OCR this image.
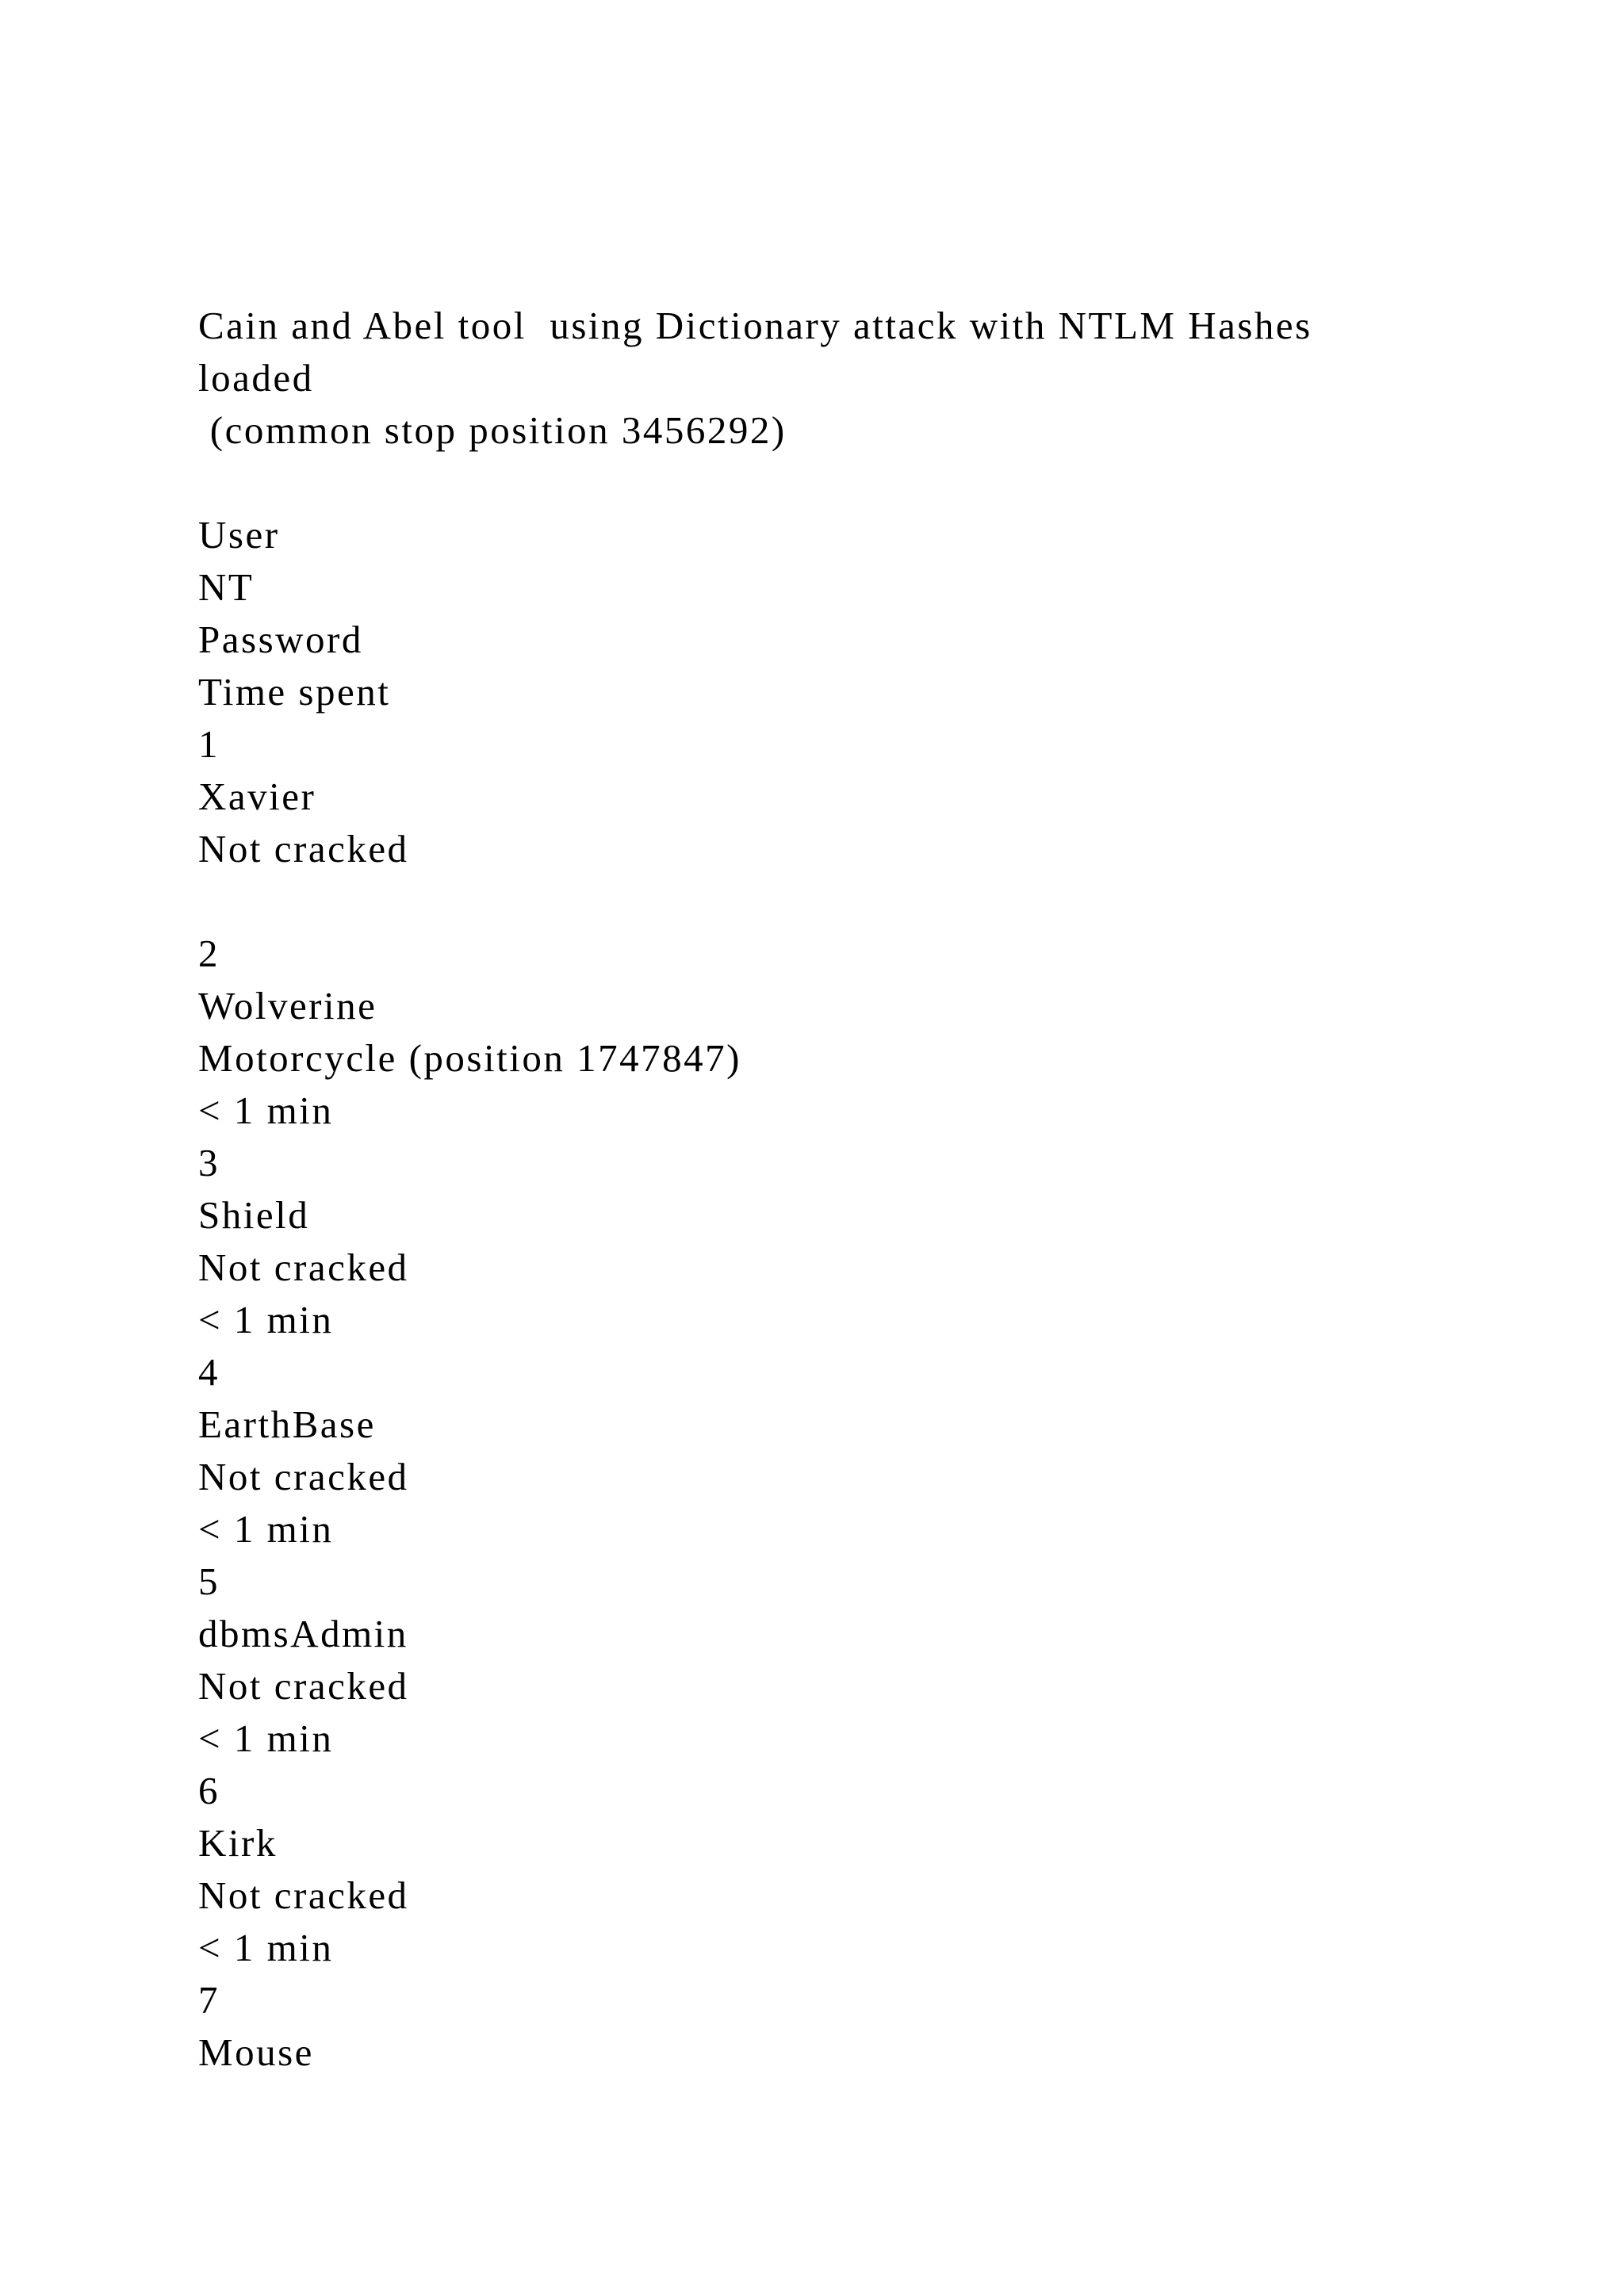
Cain and Abel tool  using Dictionary attack with NTLM Hashes
loaded
(common stop position 3456292)
User
NT
Password
Time spent
1
Xavier
Not cracked
2
Wolverine
Motorcycle (position 1747847)
< 1 min
3
Shield
Not cracked
< 1 min
4
EarthBase
Not cracked
< 1 min
5
dbmsAdmin
Not cracked
< 1 min
6
Kirk
Not cracked
< 1 min
7
Mouse
